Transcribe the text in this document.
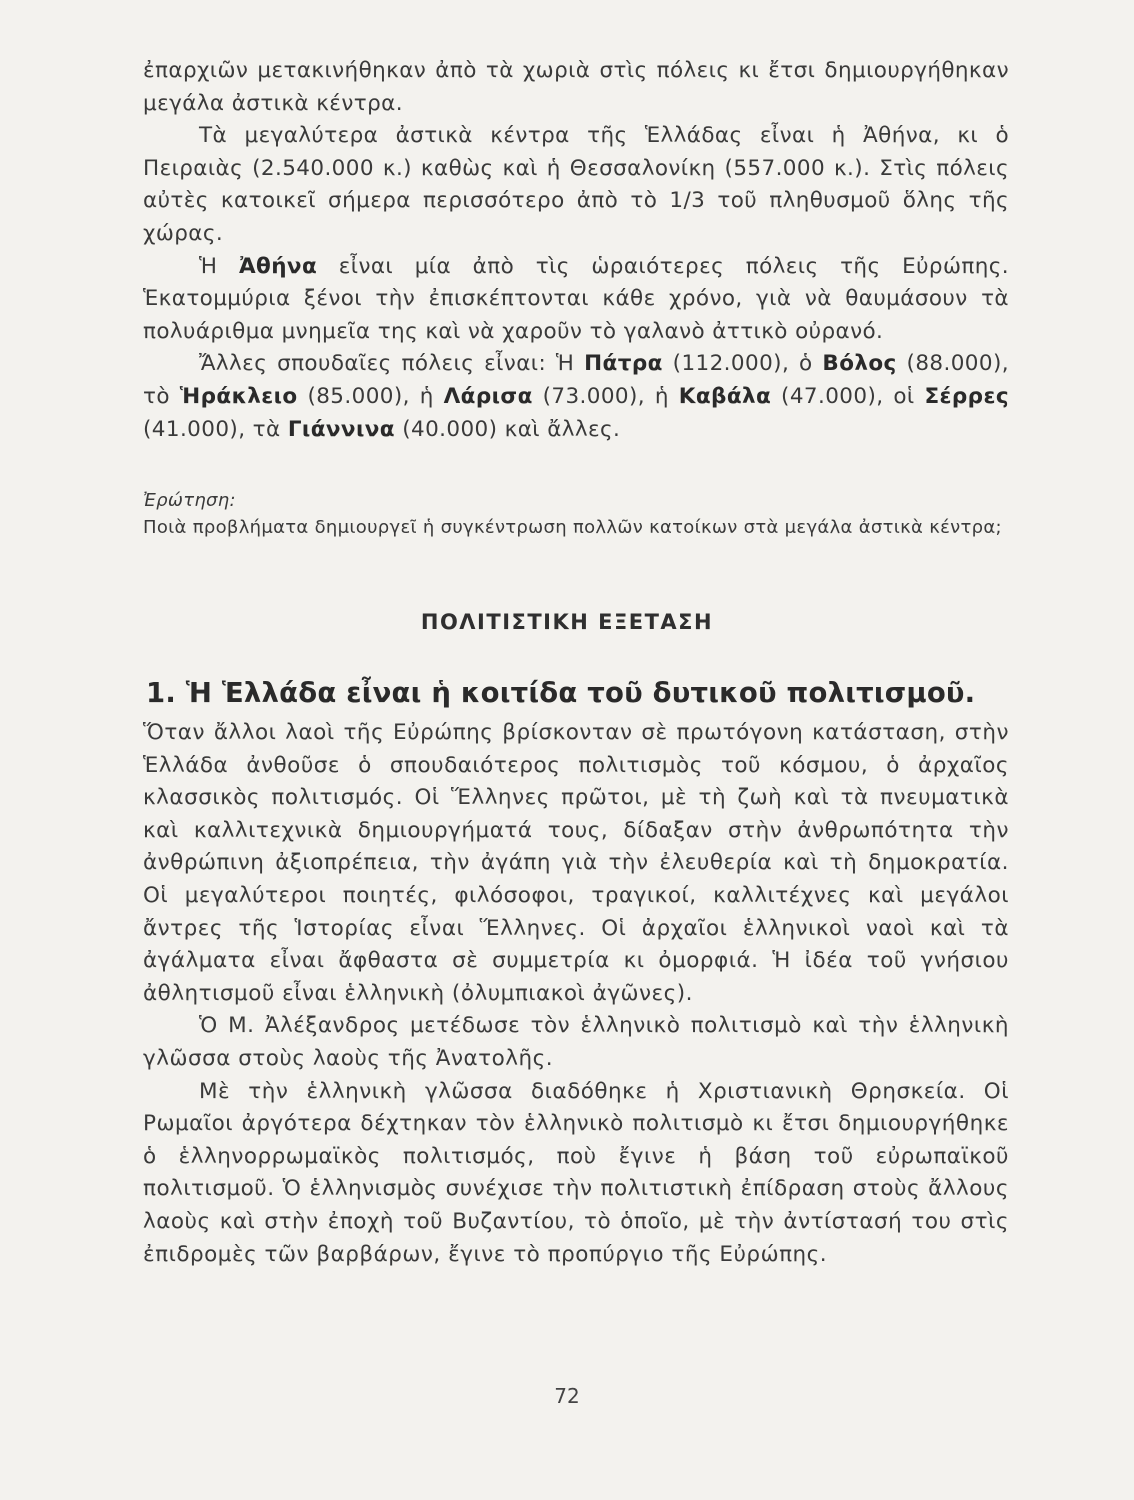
ἐπαρχιῶν μετακινήθηκαν ἀπὸ τὰ χωριὰ στὶς πόλεις κι ἔτσι δημιουργήθηκαν μεγάλα ἀστικὰ κέντρα.

Τὰ μεγαλύτερα ἀστικὰ κέντρα τῆς Ἑλλάδας εἶναι ἡ Ἀθήνα, κι ὁ Πειραιὰς (2.540.000 κ.) καθὼς καὶ ἡ Θεσσαλονίκη (557.000 κ.). Στὶς πόλεις αὐτὲς κατοικεῖ σήμερα περισσότερο ἀπὸ τὸ 1/3 τοῦ πληθυσμοῦ ὅλης τῆς χώρας.

Ἡ Ἀθήνα εἶναι μία ἀπὸ τὶς ὡραιότερες πόλεις τῆς Εὐρώπης. Ἑκατομμύρια ξένοι τὴν ἐπισκέπτονται κάθε χρόνο, γιὰ νὰ θαυμάσουν τὰ πολυάριθμα μνημεῖα της καὶ νὰ χαροῦν τὸ γαλανὸ ἀττικὸ οὐρανό.

Ἄλλες σπουδαῖες πόλεις εἶναι: Ἡ Πάτρα (112.000), ὁ Βόλος (88.000), τὸ Ἡράκλειο (85.000), ἡ Λάρισα (73.000), ἡ Καβάλα (47.000), οἱ Σέρρες (41.000), τὰ Γιάννινα (40.000) καὶ ἄλλες.

Ἐρώτηση:

Ποιὰ προβλήματα δημιουργεῖ ἡ συγκέντρωση πολλῶν κατοίκων στὰ μεγάλα ἀστικὰ κέντρα;

ΠΟΛΙΤΙΣΤΙΚΗ ΕΞΕΤΑΣΗ
1. Ἡ Ἑλλάδα εἶναι ἡ κοιτίδα τοῦ δυτικοῦ πολιτισμοῦ.

Ὅταν ἄλλοι λαοὶ τῆς Εὐρώπης βρίσκονταν σὲ πρωτόγονη κατάσταση, στὴν Ἑλλάδα ἀνθοῦσε ὁ σπουδαιότερος πολιτισμὸς τοῦ κόσμου, ὁ ἀρχαῖος κλασσικὸς πολιτισμός. Οἱ Ἕλληνες πρῶτοι, μὲ τὴ ζωὴ καὶ τὰ πνευματικὰ καὶ καλλιτεχνικὰ δημιουργήματά τους, δίδαξαν στὴν ἀνθρωπότητα τὴν ἀνθρώπινη ἀξιοπρέπεια, τὴν ἀγάπη γιὰ τὴν ἐλευθερία καὶ τὴ δημοκρατία. Οἱ μεγαλύτεροι ποιητές, φιλόσοφοι, τραγικοί, καλλιτέχνες καὶ μεγάλοι ἄντρες τῆς Ἱστορίας εἶναι Ἕλληνες. Οἱ ἀρχαῖοι ἑλληνικοὶ ναοὶ καὶ τὰ ἀγάλματα εἶναι ἄφθαστα σὲ συμμετρία κι ὀμορφιά. Ἡ ἰδέα τοῦ γνήσιου ἀθλητισμοῦ εἶναι ἑλληνικὴ (ὀλυμπιακοὶ ἀγῶνες).

Ὁ Μ. Ἀλέξανδρος μετέδωσε τὸν ἑλληνικὸ πολιτισμὸ καὶ τὴν ἑλληνικὴ γλῶσσα στοὺς λαοὺς τῆς Ἀνατολῆς.

Μὲ τὴν ἑλληνικὴ γλῶσσα διαδόθηκε ἡ Χριστιανικὴ Θρησκεία. Οἱ Ρωμαῖοι ἀργότερα δέχτηκαν τὸν ἑλληνικὸ πολιτισμὸ κι ἔτσι δημιουργήθηκε ὁ ἑλληνορρωμαϊκὸς πολιτισμός, ποὺ ἔγινε ἡ βάση τοῦ εὐρωπαϊκοῦ πολιτισμοῦ. Ὁ ἑλληνισμὸς συνέχισε τὴν πολιτιστικὴ ἐπίδραση στοὺς ἄλλους λαοὺς καὶ στὴν ἐποχὴ τοῦ Βυζαντίου, τὸ ὁποῖο, μὲ τὴν ἀντίστασή του στὶς ἐπιδρομὲς τῶν βαρβάρων, ἔγινε τὸ προπύργιο τῆς Εὐρώπης.

72
